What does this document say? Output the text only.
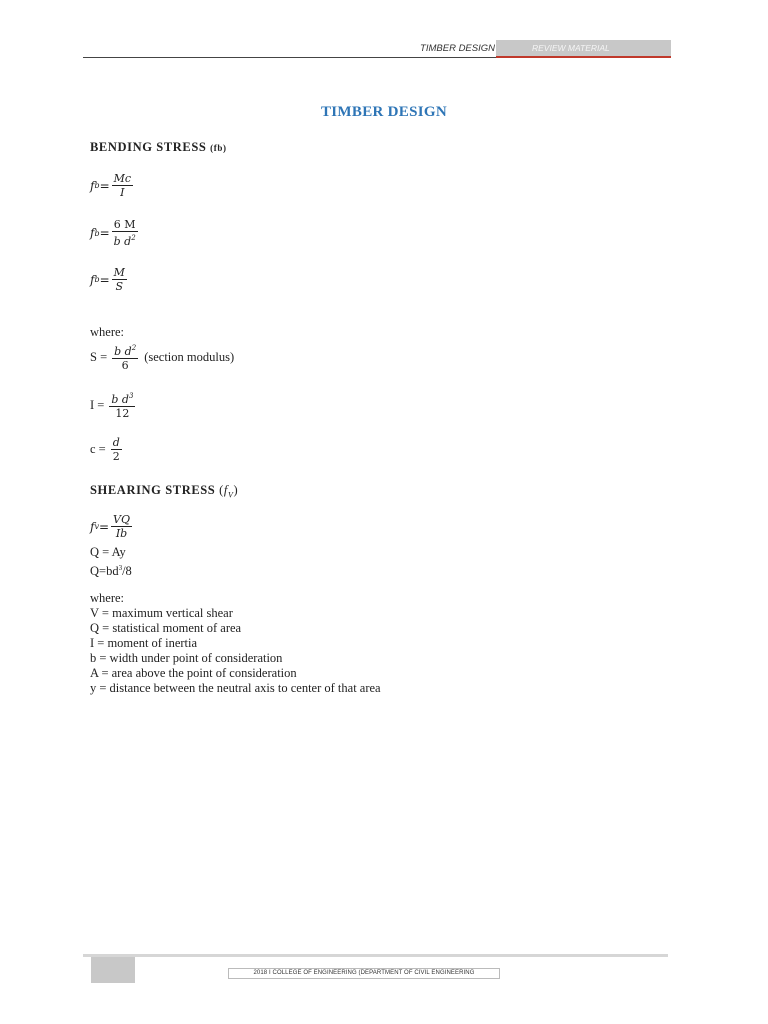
TIMBER DESIGN	REVIEW MATERIAL
TIMBER DESIGN
BENDING STRESS (fb)
f $b = \frac{Mc}{I}$
f $b = \frac{6 M}{b d^2}$
f $b = \frac{M}{S}$
where:
$S = \frac{b d^2}{6}$ (section modulus)
$I = \frac{b d^3}{12}$
$c = \frac{d}{2}$
SHEARING STRESS $(f_V)$
f $v = \frac{VQ}{Ib}$
Q = Ay
$Q=bd^3/8$
where:
V = maximum vertical shear
Q = statistical moment of area
I = moment of inertia
b = width under point of consideration
A = area above the point of consideration
y = distance between the neutral axis to center of that area
2018 I COLLEGE OF ENGINEERING (DEPARTMENT OF CIVIL ENGINEERING
